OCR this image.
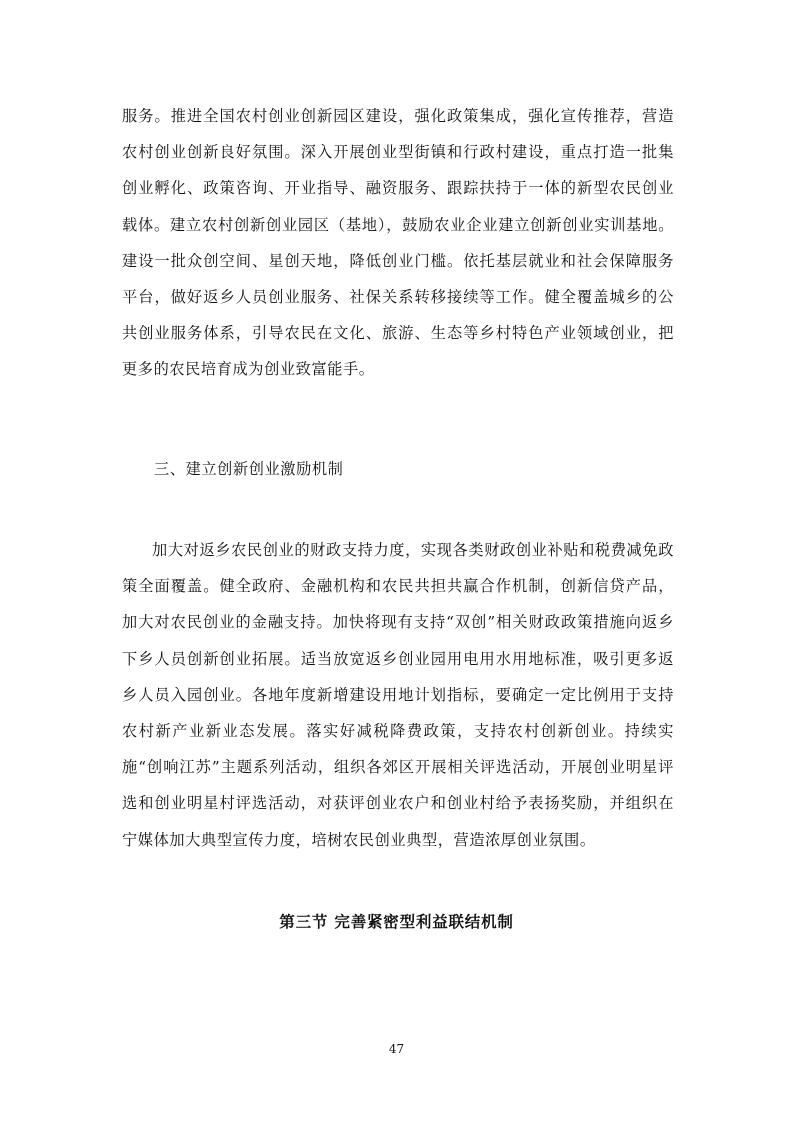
服务。推进全国农村创业创新园区建设，强化政策集成，强化宣传推荐，营造农村创业创新良好氛围。深入开展创业型街镇和行政村建设，重点打造一批集创业孵化、政策咨询、开业指导、融资服务、跟踪扶持于一体的新型农民创业载体。建立农村创新创业园区（基地），鼓励农业企业建立创新创业实训基地。建设一批众创空间、星创天地，降低创业门槛。依托基层就业和社会保障服务平台，做好返乡人员创业服务、社保关系转移接续等工作。健全覆盖城乡的公共创业服务体系，引导农民在文化、旅游、生态等乡村特色产业领域创业，把更多的农民培育成为创业致富能手。

三、建立创新创业激励机制

加大对返乡农民创业的财政支持力度，实现各类财政创业补贴和税费减免政策全面覆盖。健全政府、金融机构和农民共担共赢合作机制，创新信贷产品，加大对农民创业的金融支持。加快将现有支持“双创”相关财政政策措施向返乡下乡人员创新创业拓展。适当放宽返乡创业园用电用水用地标准，吸引更多返乡人员入园创业。各地年度新增建设用地计划指标，要确定一定比例用于支持农村新产业新业态发展。落实好减税降费政策，支持农村创新创业。持续实施“创响江苏”主题系列活动，组织各郊区开展相关评选活动，开展创业明星评选和创业明星村评选活动，对获评创业农户和创业村给予表扬奖励，并组织在宁媒体加大典型宣传力度，培树农民创业典型，营造浓厚创业氛围。

第三节 完善紧密型利益联结机制

47
